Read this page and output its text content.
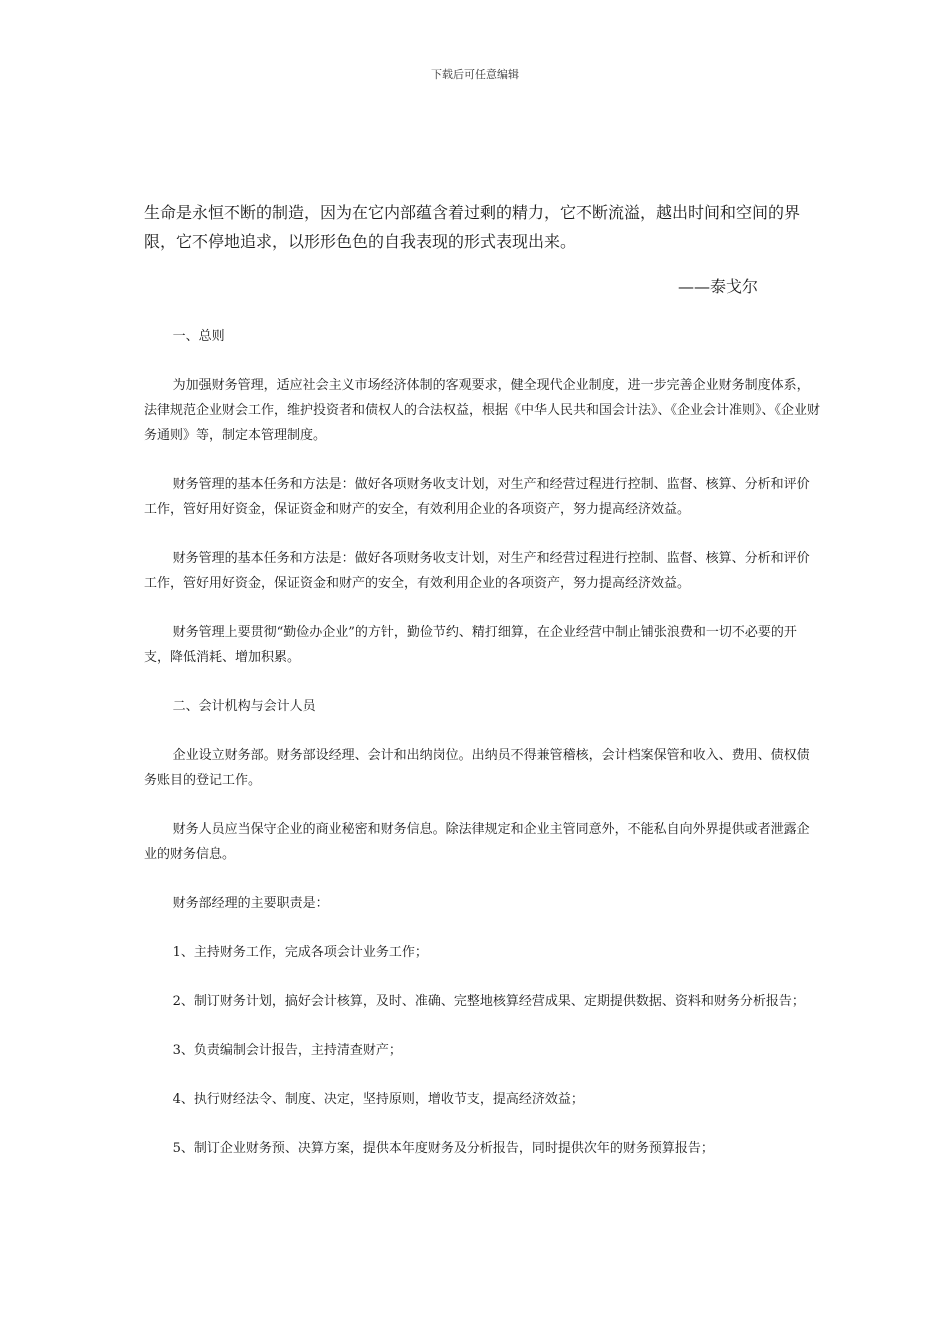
下载后可任意编辑
生命是永恒不断的制造，因为在它内部蕴含着过剩的精力，它不断流溢，越出时间和空间的界限，它不停地追求，以形形色色的自我表现的形式表现出来。
——泰戈尔

一、总则

为加强财务管理，适应社会主义市场经济体制的客观要求，健全现代企业制度，进一步完善企业财务制度体系，法律规范企业财会工作，维护投资者和债权人的合法权益，根据《中华人民共和国会计法》、《企业会计准则》、《企业财务通则》等，制定本管理制度。

财务管理的基本任务和方法是：做好各项财务收支计划，对生产和经营过程进行控制、监督、核算、分析和评价工作，管好用好资金，保证资金和财产的安全，有效利用企业的各项资产，努力提高经济效益。

财务管理的基本任务和方法是：做好各项财务收支计划，对生产和经营过程进行控制、监督、核算、分析和评价工作，管好用好资金，保证资金和财产的安全，有效利用企业的各项资产，努力提高经济效益。

财务管理上要贯彻“勤俭办企业”的方针，勤俭节约、精打细算，在企业经营中制止铺张浪费和一切不必要的开支，降低消耗、增加积累。

二、会计机构与会计人员

企业设立财务部。财务部设经理、会计和出纳岗位。出纳员不得兼管稽核，会计档案保管和收入、费用、债权债务账目的登记工作。

财务人员应当保守企业的商业秘密和财务信息。除法律规定和企业主管同意外，不能私自向外界提供或者泄露企业的财务信息。

财务部经理的主要职责是：

1、主持财务工作，完成各项会计业务工作；

2、制订财务计划，搞好会计核算，及时、准确、完整地核算经营成果、定期提供数据、资料和财务分析报告；

3、负责编制会计报告，主持清查财产；

4、执行财经法令、制度、决定，坚持原则，增收节支，提高经济效益；

5、制订企业财务预、决算方案，提供本年度财务及分析报告，同时提供次年的财务预算报告；
